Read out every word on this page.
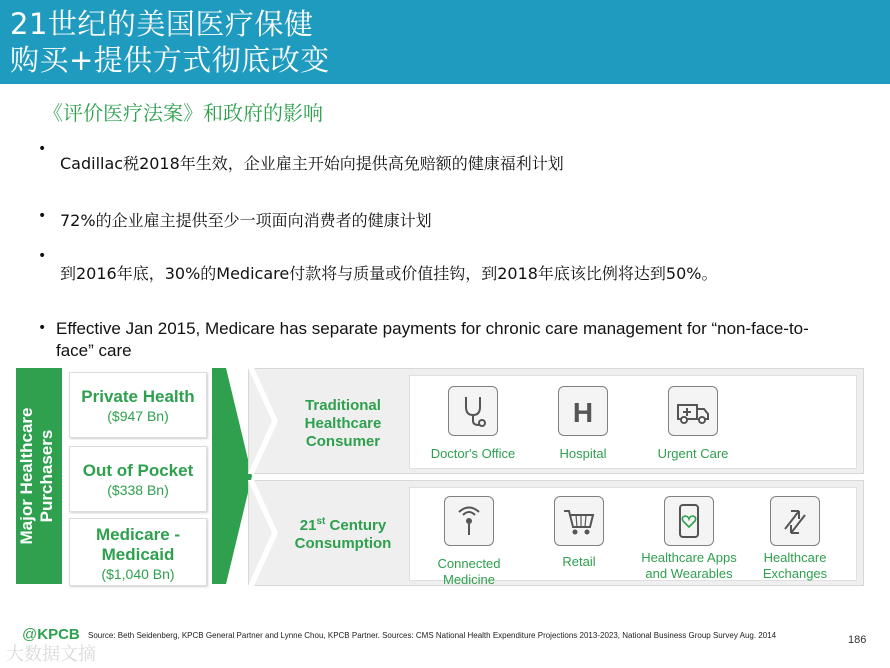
21世纪的美国医疗保健
购买+提供方式彻底改变
《评价医疗法案》和政府的影响
•
Cadillac税2018年生效，企业雇主开始向提供高免赔额的健康福利计划
• 72%的企业雇主提供至少一项面向消费者的健康计划
•
到2016年底，30%的Medicare付款将与质量或价值挂钩，到2018年底该比例将达到50%。
• Effective Jan 2015, Medicare has separate payments for chronic care management for “non-face-to-face” care
Major Healthcare Purchasers
Private Health
($947 Bn)
Out of Pocket
($338 Bn)
Medicare - Medicaid
($1,040 Bn)
Traditional Healthcare Consumer
Doctor's Office
H
Hospital	Urgent Care
21st Century Consumption
Connected Medicine
Retail	Healthcare Apps and Wearables
Healthcare Exchanges
@KPCB Source: Beth Seidenberg, KPCB General Partner and Lynne Chou, KPCB Partner. Sources: CMS National Health Expenditure Projections 2013-2023, National Business Group Survey Aug. 2014	186
大数据文摘
